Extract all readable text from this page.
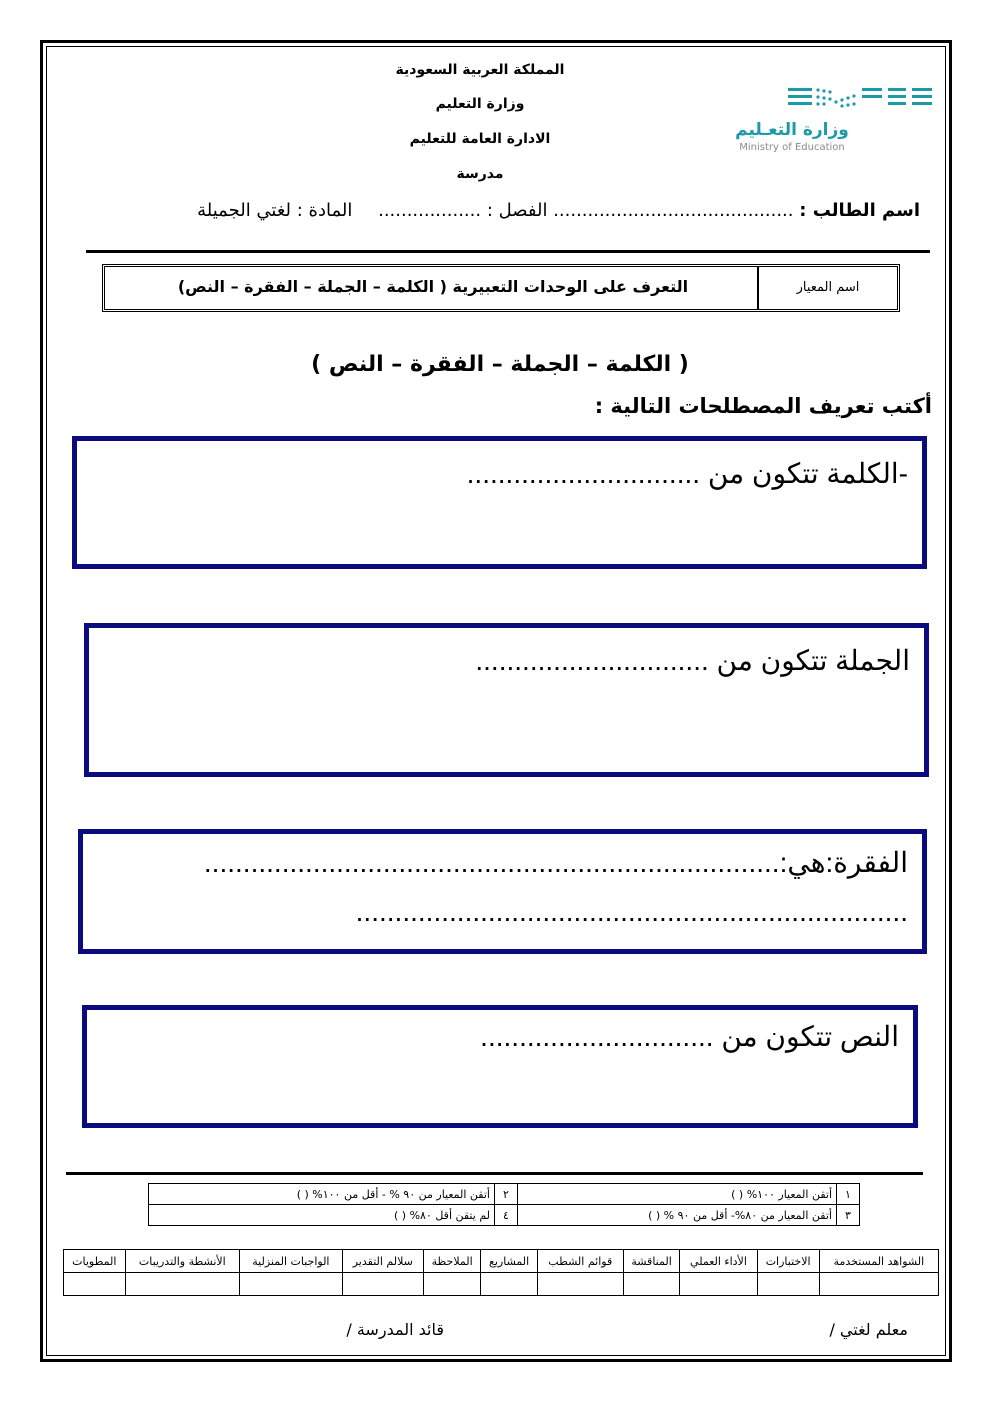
المملكة العربية السعودية
وزارة التعليم
الادارة العامة للتعليم
مدرسة
وزارة التعـليم
Ministry of Education
اسم الطالب : .......................................... الفصل : .................. المادة : لغتي الجميلة
اسم المعيار
التعرف على الوحدات التعبيرية ( الكلمة – الجملة – الفقرة – النص)
( الكلمة – الجملة – الفقرة – النص )
أكتب تعريف المصطلحات التالية :
-الكلمة تتكون من ..............................
الجملة تتكون من ..............................
الفقرة:هي:..........................................................................
.......................................................................
النص تتكون من ..............................
١	أتقن المعيار ١٠٠% ( )	٢	أتقن المعيار من ٩٠ % - أقل من ١٠٠% ( )
٣	أتقن المعيار من ٨٠%- أقل من ٩٠ % ( )	٤	لم يتقن أقل ٨٠% ( )
الشواهد المستخدمة	الاختبارات	الأداء العملي	المناقشة	قوائم الشطب	المشاريع	الملاحظة	سلالم التقدير	الواجبات المنزلية	الأنشطة والتدريبات	المطويات

معلم لغتي /
قائد المدرسة /
